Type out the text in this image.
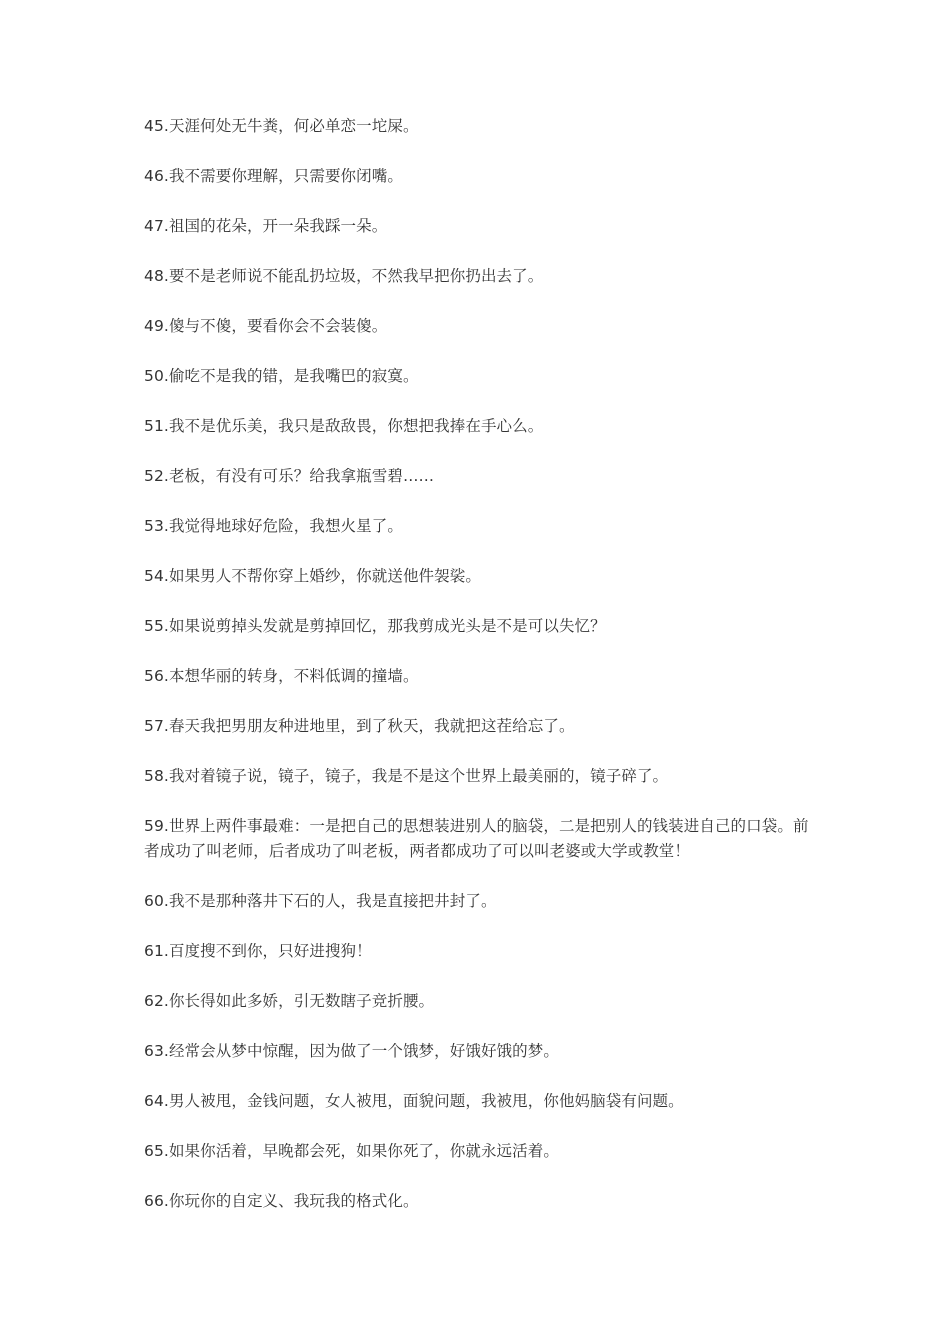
45.天涯何处无牛粪，何必单恋一坨屎。

46.我不需要你理解，只需要你闭嘴。

47.祖国的花朵，开一朵我踩一朵。

48.要不是老师说不能乱扔垃圾，不然我早把你扔出去了。

49.傻与不傻，要看你会不会装傻。

50.偷吃不是我的错，是我嘴巴的寂寞。

51.我不是优乐美，我只是敌敌畏，你想把我捧在手心么。

52.老板，有没有可乐？给我拿瓶雪碧……

53.我觉得地球好危险，我想火星了。

54.如果男人不帮你穿上婚纱，你就送他件袈裟。

55.如果说剪掉头发就是剪掉回忆，那我剪成光头是不是可以失忆？

56.本想华丽的转身，不料低调的撞墙。

57.春天我把男朋友种进地里，到了秋天，我就把这茬给忘了。

58.我对着镜子说，镜子，镜子，我是不是这个世界上最美丽的，镜子碎了。

59.世界上两件事最难：一是把自己的思想装进别人的脑袋，二是把别人的钱装进自己的口袋。前者成功了叫老师，后者成功了叫老板，两者都成功了可以叫老婆或大学或教堂！

60.我不是那种落井下石的人，我是直接把井封了。

61.百度搜不到你，只好进搜狗！

62.你长得如此多娇，引无数瞎子竞折腰。

63.经常会从梦中惊醒，因为做了一个饿梦，好饿好饿的梦。

64.男人被甩，金钱问题，女人被甩，面貌问题，我被甩，你他妈脑袋有问题。

65.如果你活着，早晚都会死，如果你死了，你就永远活着。

66.你玩你的自定义、我玩我的格式化。
